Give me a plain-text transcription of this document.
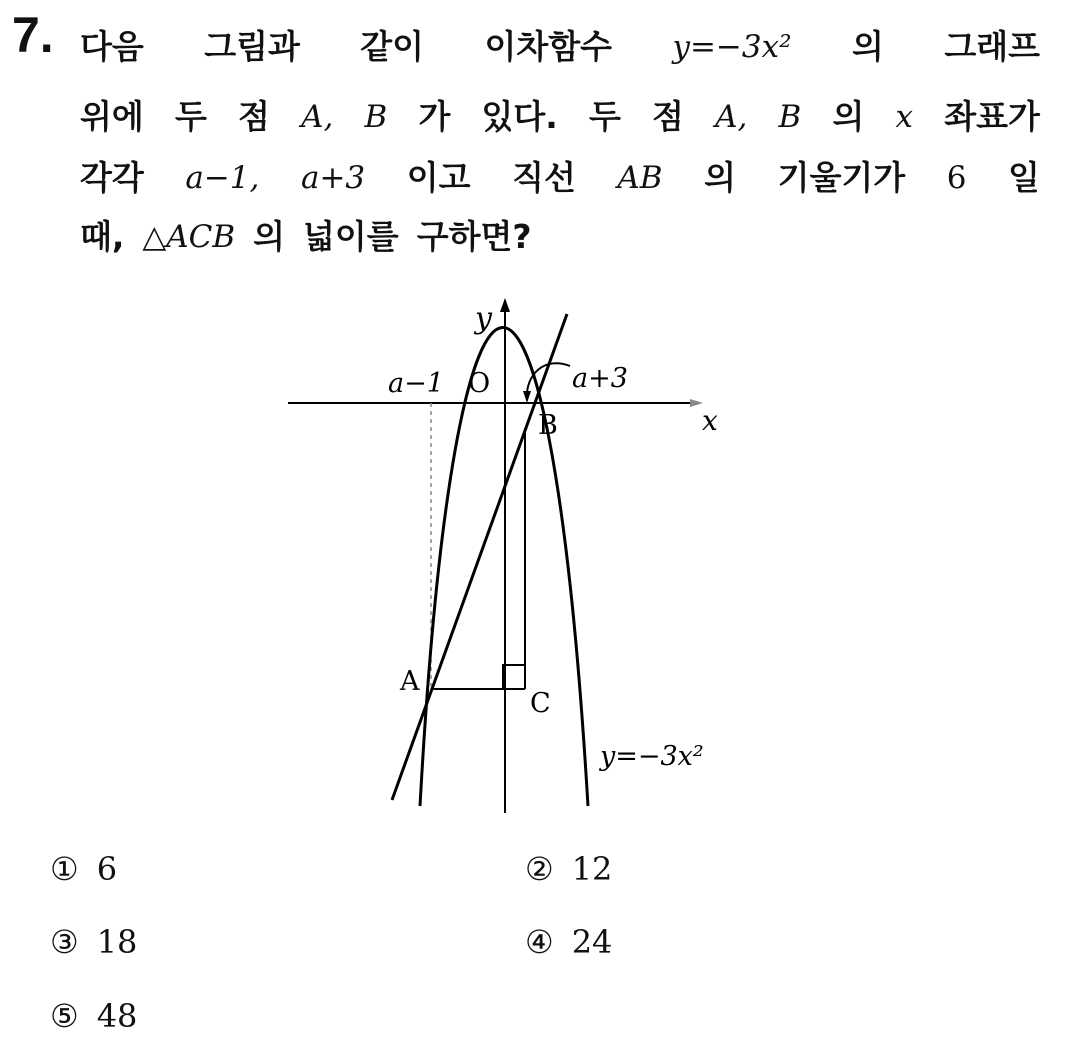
7. 다음 그림과 같이 이차함수 y=−3x² 의 그래프
위에 두 점 A, B 가 있다. 두 점 A, B 의 x 좌표가
각각 a−1, a+3 이고 직선 AB 의 기울기가 6 일
때, △ACB 의 넓이를 구하면?
y
x
O
a−1	a+3
A
B
C
y=−3x²
① 6	② 12
③ 18	④ 24
⑤ 48
